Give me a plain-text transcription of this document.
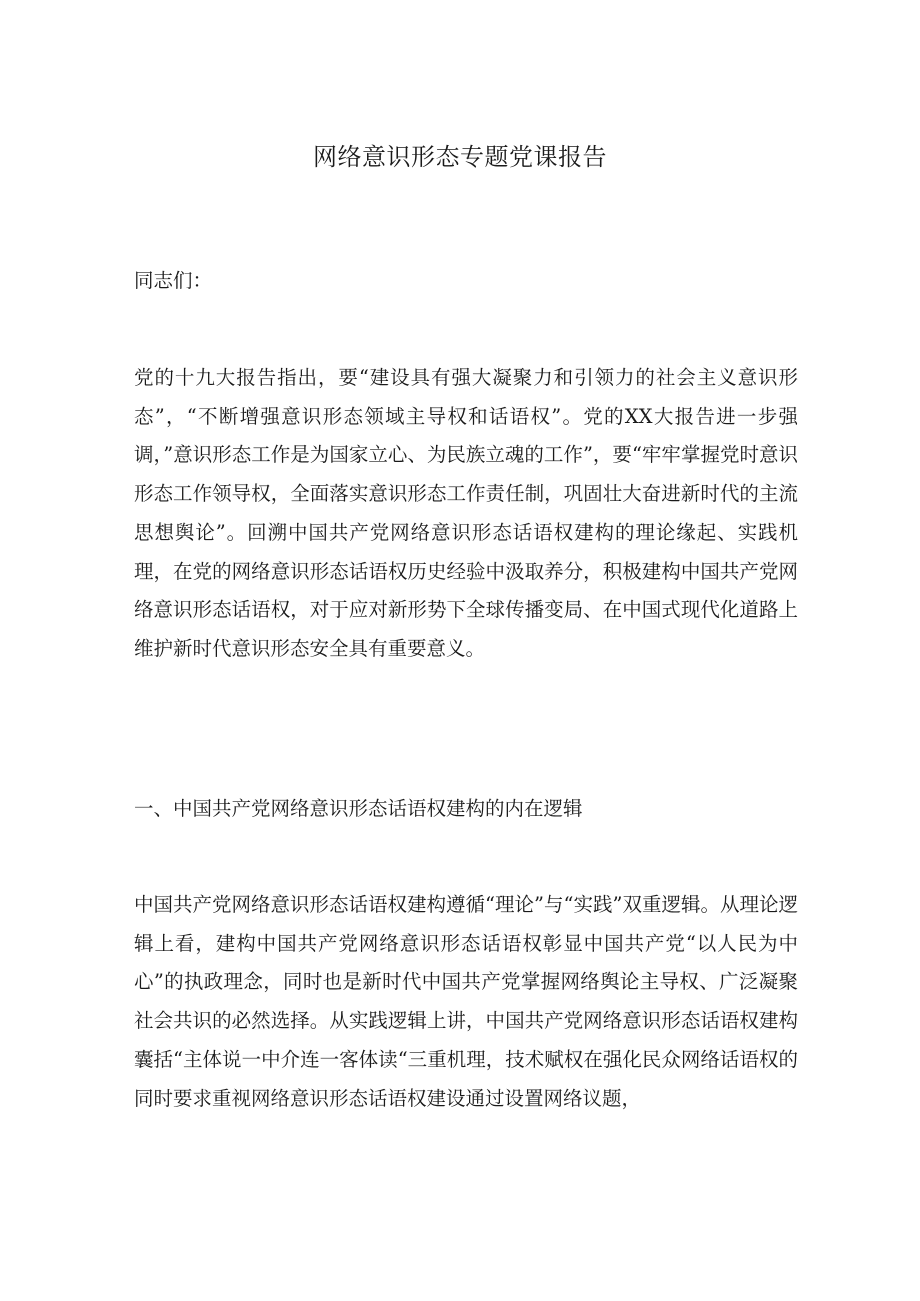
网络意识形态专题党课报告

同志们：

党的十九大报告指出，要“建设具有强大凝聚力和引领力的社会主义意识形态”，“不断增强意识形态领域主导权和话语权”。党的XX大报告进一步强调，”意识形态工作是为国家立心、为民族立魂的工作”，要“牢牢掌握党时意识形态工作领导权，全面落实意识形态工作责任制，巩固壮大奋进新时代的主流思想舆论”。回溯中国共产党网络意识形态话语权建构的理论缘起、实践机理，在党的网络意识形态话语权历史经验中汲取养分，积极建构中国共产党网络意识形态话语权，对于应对新形势下全球传播变局、在中国式现代化道路上维护新时代意识形态安全具有重要意义。

一、中国共产党网络意识形态话语权建构的内在逻辑

中国共产党网络意识形态话语权建构遵循“理论”与“实践”双重逻辑。从理论逻辑上看，建构中国共产党网络意识形态话语权彰显中国共产党“以人民为中心”的执政理念，同时也是新时代中国共产党掌握网络舆论主导权、广泛凝聚社会共识的必然选择。从实践逻辑上讲，中国共产党网络意识形态话语权建构囊括“主体说一中介连一客体读“三重机理，技术赋权在强化民众网络话语权的同时要求重视网络意识形态话语权建设通过设置网络议题，
